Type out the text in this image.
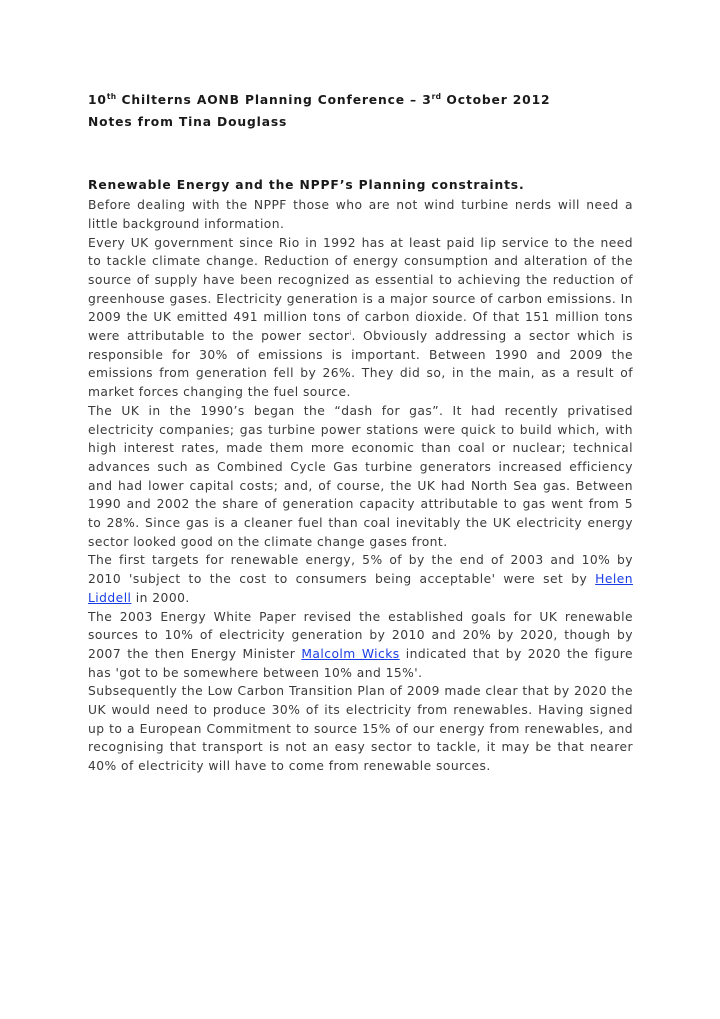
10th Chilterns AONB Planning Conference – 3rd October 2012
Notes from Tina Douglass
Renewable Energy and the NPPF’s Planning constraints.

Before dealing with the NPPF those who are not wind turbine nerds will need a little background information.

Every UK government since Rio in 1992 has at least paid lip service to the need to tackle climate change. Reduction of energy consumption and alteration of the source of supply have been recognized as essential to achieving the reduction of greenhouse gases. Electricity generation is a major source of carbon emissions. In 2009 the UK emitted 491 million tons of carbon dioxide. Of that 151 million tons were attributable to the power sector$^i$. Obviously addressing a sector which is responsible for 30% of emissions is important. Between 1990 and 2009 the emissions from generation fell by 26%. They did so, in the main, as a result of market forces changing the fuel source.

The UK in the 1990’s began the “dash for gas”. It had recently privatised electricity companies; gas turbine power stations were quick to build which, with high interest rates, made them more economic than coal or nuclear; technical advances such as Combined Cycle Gas turbine generators increased efficiency and had lower capital costs; and, of course, the UK had North Sea gas. Between 1990 and 2002 the share of generation capacity attributable to gas went from 5 to 28%. Since gas is a cleaner fuel than coal inevitably the UK electricity energy sector looked good on the climate change gases front.

The first targets for renewable energy, 5% of by the end of 2003 and 10% by 2010 'subject to the cost to consumers being acceptable' were set by Helen Liddell in 2000.

The 2003 Energy White Paper revised the established goals for UK renewable sources to 10% of electricity generation by 2010 and 20% by 2020, though by 2007 the then Energy Minister Malcolm Wicks indicated that by 2020 the figure has 'got to be somewhere between 10% and 15%'.

Subsequently the Low Carbon Transition Plan of 2009 made clear that by 2020 the UK would need to produce 30% of its electricity from renewables. Having signed up to a European Commitment to source 15% of our energy from renewables, and recognising that transport is not an easy sector to tackle, it may be that nearer 40% of electricity will have to come from renewable sources.
